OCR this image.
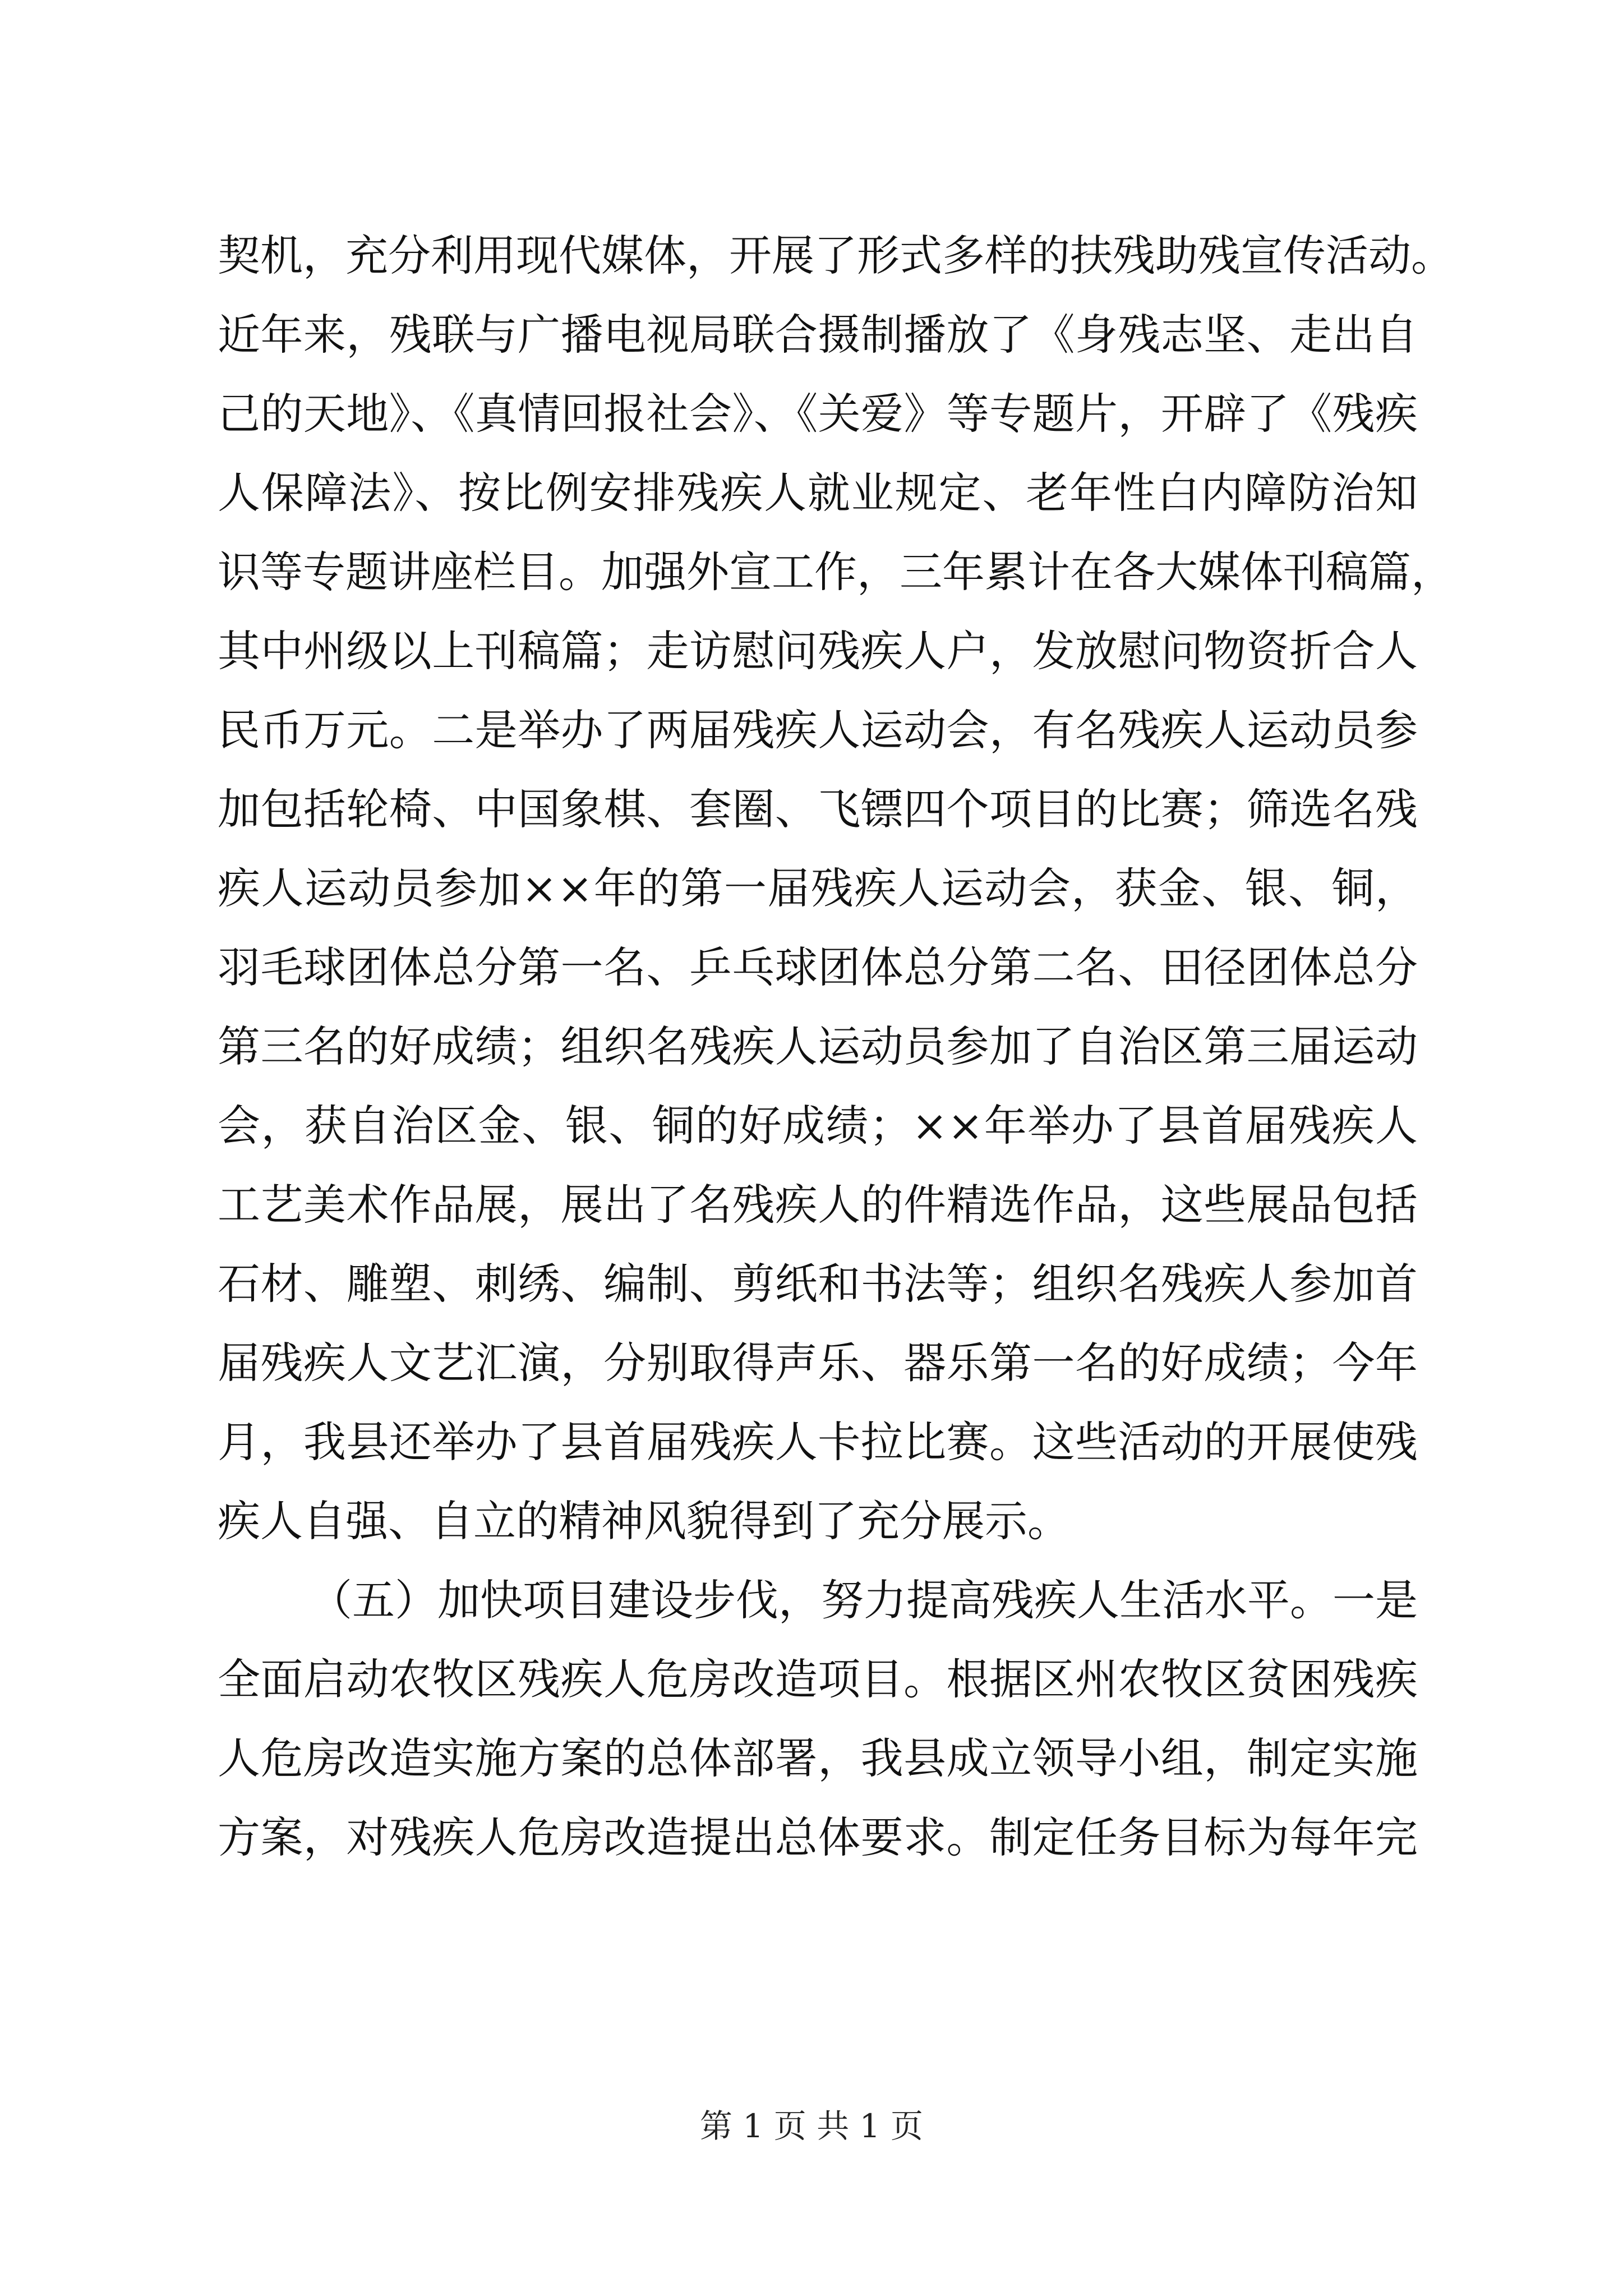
契机，充分利用现代媒体，开展了形式多样的扶残助残宣传活动。
近年来，残联与广播电视局联合摄制播放了《身残志坚、走出自
己的天地》、《真情回报社会》、《关爱》等专题片，开辟了《残疾
人保障法》、按比例安排残疾人就业规定、老年性白内障防治知
识等专题讲座栏目。加强外宣工作，三年累计在各大媒体刊稿篇，
其中州级以上刊稿篇；走访慰问残疾人户，发放慰问物资折合人
民币万元。二是举办了两届残疾人运动会，有名残疾人运动员参
加包括轮椅、中国象棋、套圈、飞镖四个项目的比赛；筛选名残
疾人运动员参加××年的第一届残疾人运动会，获金、银、铜，
羽毛球团体总分第一名、乒乓球团体总分第二名、田径团体总分
第三名的好成绩；组织名残疾人运动员参加了自治区第三届运动
会，获自治区金、银、铜的好成绩；××年举办了县首届残疾人
工艺美术作品展，展出了名残疾人的件精选作品，这些展品包括
石材、雕塑、刺绣、编制、剪纸和书法等；组织名残疾人参加首
届残疾人文艺汇演，分别取得声乐、器乐第一名的好成绩；今年
月，我县还举办了县首届残疾人卡拉比赛。这些活动的开展使残
疾人自强、自立的精神风貌得到了充分展示。
（五）加快项目建设步伐，努力提高残疾人生活水平。一是
全面启动农牧区残疾人危房改造项目。根据区州农牧区贫困残疾
人危房改造实施方案的总体部署，我县成立领导小组，制定实施
方案，对残疾人危房改造提出总体要求。制定任务目标为每年完
第 1 页 共 1 页
